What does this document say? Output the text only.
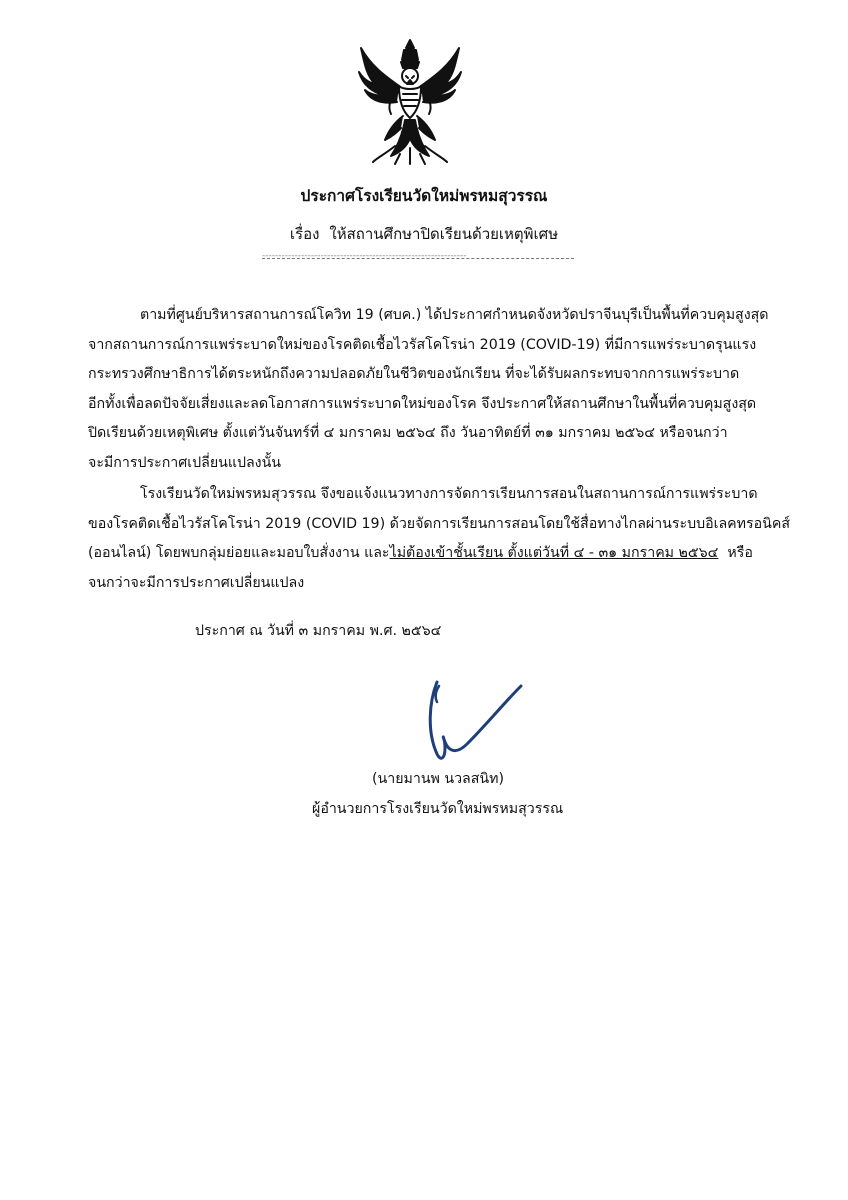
ประกาศโรงเรียนวัดใหม่พรหมสุวรรณ
เรื่อง ให้สถานศึกษาปิดเรียนด้วยเหตุพิเศษ
---------------------------------------------------------------
ตามที่ศูนย์บริหารสถานการณ์โควิท 19 (ศบค.) ได้ประกาศกำหนดจังหวัดปราจีนบุรีเป็นพื้นที่ควบคุมสูงสุด
จากสถานการณ์การแพร่ระบาดใหม่ของโรคติดเชื้อไวรัสโคโรน่า 2019 (COVID-19) ที่มีการแพร่ระบาดรุนแรง
กระทรวงศึกษาธิการได้ตระหนักถึงความปลอดภัยในชีวิตของนักเรียน ที่จะได้รับผลกระทบจากการแพร่ระบาด
อีกทั้งเพื่อลดปัจจัยเสี่ยงและลดโอกาสการแพร่ระบาดใหม่ของโรค จึงประกาศให้สถานศึกษาในพื้นที่ควบคุมสูงสุด
ปิดเรียนด้วยเหตุพิเศษ ตั้งแต่วันจันทร์ที่ ๔ มกราคม ๒๕๖๔ ถึง วันอาทิตย์ที่ ๓๑ มกราคม ๒๕๖๔ หรือจนกว่า
จะมีการประกาศเปลี่ยนแปลงนั้น
โรงเรียนวัดใหม่พรหมสุวรรณ จึงขอแจ้งแนวทางการจัดการเรียนการสอนในสถานการณ์การแพร่ระบาด
ของโรคติดเชื้อไวรัสโคโรน่า 2019 (COVID 19) ด้วยจัดการเรียนการสอนโดยใช้สื่อทางไกลผ่านระบบอิเลคทรอนิคส์
(ออนไลน์) โดยพบกลุ่มย่อยและมอบใบสั่งงาน และไม่ต้องเข้าชั้นเรียน ตั้งแต่วันที่ ๔ - ๓๑ มกราคม ๒๕๖๔  หรือ
จนกว่าจะมีการประกาศเปลี่ยนแปลง
ประกาศ ณ วันที่ ๓ มกราคม พ.ศ. ๒๕๖๔
(นายมานพ นวลสนิท)
ผู้อำนวยการโรงเรียนวัดใหม่พรหมสุวรรณ
